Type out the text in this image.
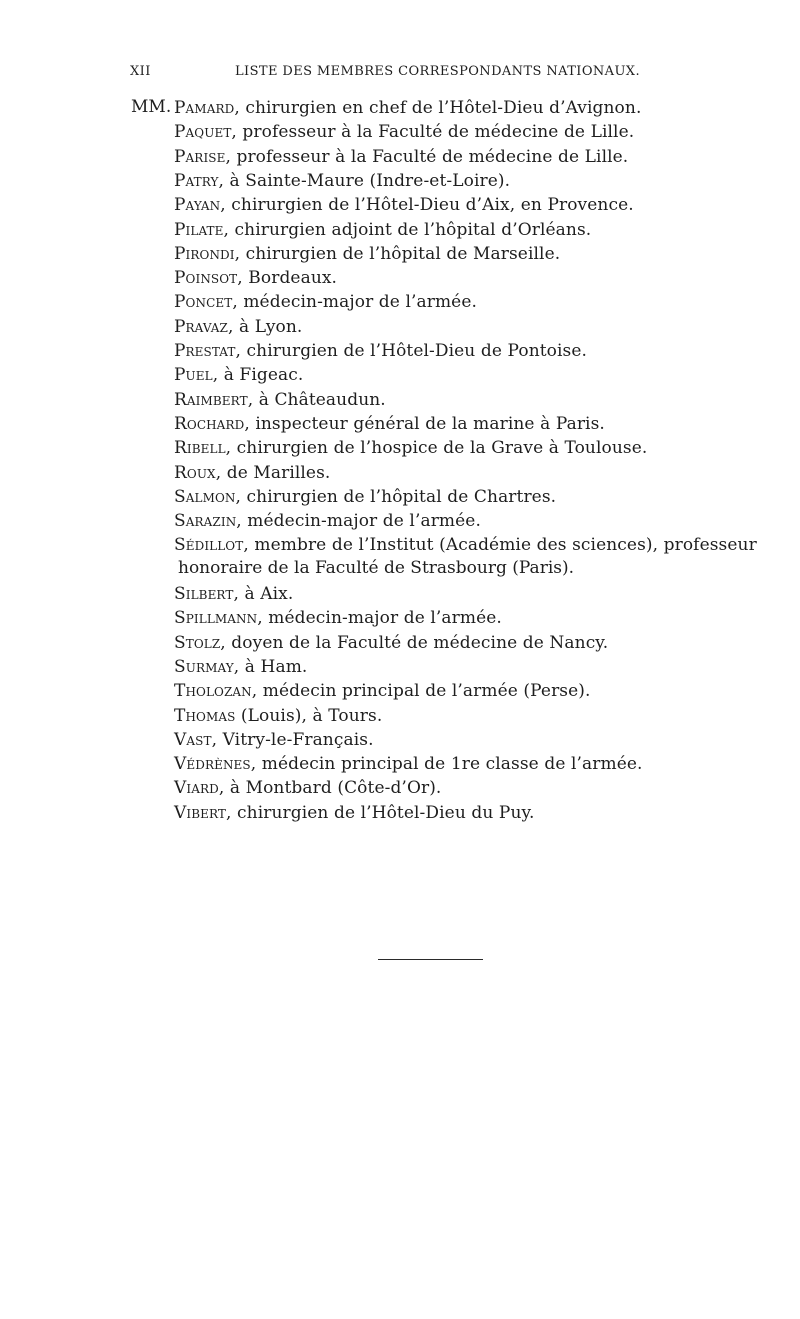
XII	LISTE DES MEMBRES CORRESPONDANTS NATIONAUX.
MM. Pamard, chirurgien en chef de l’Hôtel-Dieu d’Avignon.
Paquet, professeur à la Faculté de médecine de Lille.
Parise, professeur à la Faculté de médecine de Lille.
Patry, à Sainte-Maure (Indre-et-Loire).
Payan, chirurgien de l’Hôtel-Dieu d’Aix, en Provence.
Pilate, chirurgien adjoint de l’hôpital d’Orléans.
Pirondi, chirurgien de l’hôpital de Marseille.
Poinsot, Bordeaux.
Poncet, médecin-major de l’armée.
Pravaz, à Lyon.
Prestat, chirurgien de l’Hôtel-Dieu de Pontoise.
Puel, à Figeac.
Raimbert, à Châteaudun.
Rochard, inspecteur général de la marine à Paris.
Ribell, chirurgien de l’hospice de la Grave à Toulouse.
Roux, de Marilles.
Salmon, chirurgien de l’hôpital de Chartres.
Sarazin, médecin-major de l’armée.
Sédillot, membre de l’Institut (Académie des sciences), professeur
honoraire de la Faculté de Strasbourg (Paris).
Silbert, à Aix.
Spillmann, médecin-major de l’armée.
Stolz, doyen de la Faculté de médecine de Nancy.
Surmay, à Ham.
Tholozan, médecin principal de l’armée (Perse).
Thomas (Louis), à Tours.
Vast, Vitry-le-Français.
Védrènes, médecin principal de 1re classe de l’armée.
Viard, à Montbard (Côte-d’Or).
Vibert, chirurgien de l’Hôtel-Dieu du Puy.
